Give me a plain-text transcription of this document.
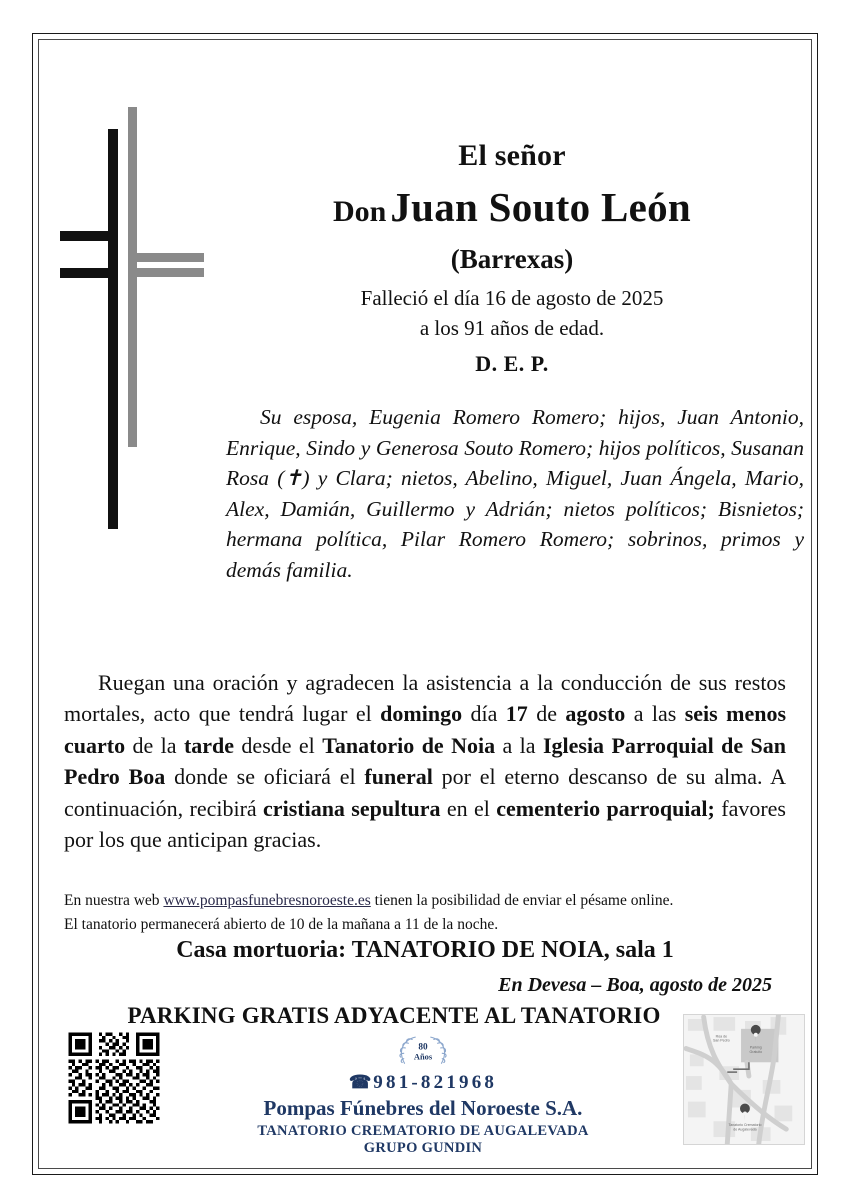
El señor
Don Juan Souto León
(Barrexas)
Falleció el día 16 de agosto de 2025
a los 91 años de edad.
D. E. P.
Su esposa, Eugenia Romero Romero; hijos, Juan Antonio, Enrique, Sindo y Generosa Souto Romero; hijos políticos, Susanan Rosa (✝) y Clara; nietos, Abelino, Miguel, Juan Ángela, Mario, Alex, Damián, Guillermo y Adrián; nietos políticos; Bisnietos; hermana política, Pilar Romero Romero; sobrinos, primos y demás familia.
Ruegan una oración y agradecen la asistencia a la conducción de sus restos mortales, acto que tendrá lugar el domingo día 17 de agosto a las seis menos cuarto de la tarde desde el Tanatorio de Noia a la Iglesia Parroquial de San Pedro Boa donde se oficiará el funeral por el eterno descanso de su alma. A continuación, recibirá cristiana sepultura en el cementerio parroquial; favores por los que anticipan gracias.
En nuestra web www.pompasfunebresnoroeste.es tienen la posibilidad de enviar el pésame online.
El tanatorio permanecerá abierto de 10 de la mañana a 11 de la noche.
Casa mortuoria: TANATORIO DE NOIA, sala 1
En Devesa – Boa, agosto de 2025
PARKING GRATIS ADYACENTE AL TANATORIO
80
Años
☎ 981-821968
Pompas Fúnebres del Noroeste S.A.
TANATORIO CREMATORIO DE AUGALEVADA
GRUPO GUNDIN
Parking
Gratuito
Tanatorio Crematorio
de Augalevada
Rúa de
San Pedro
